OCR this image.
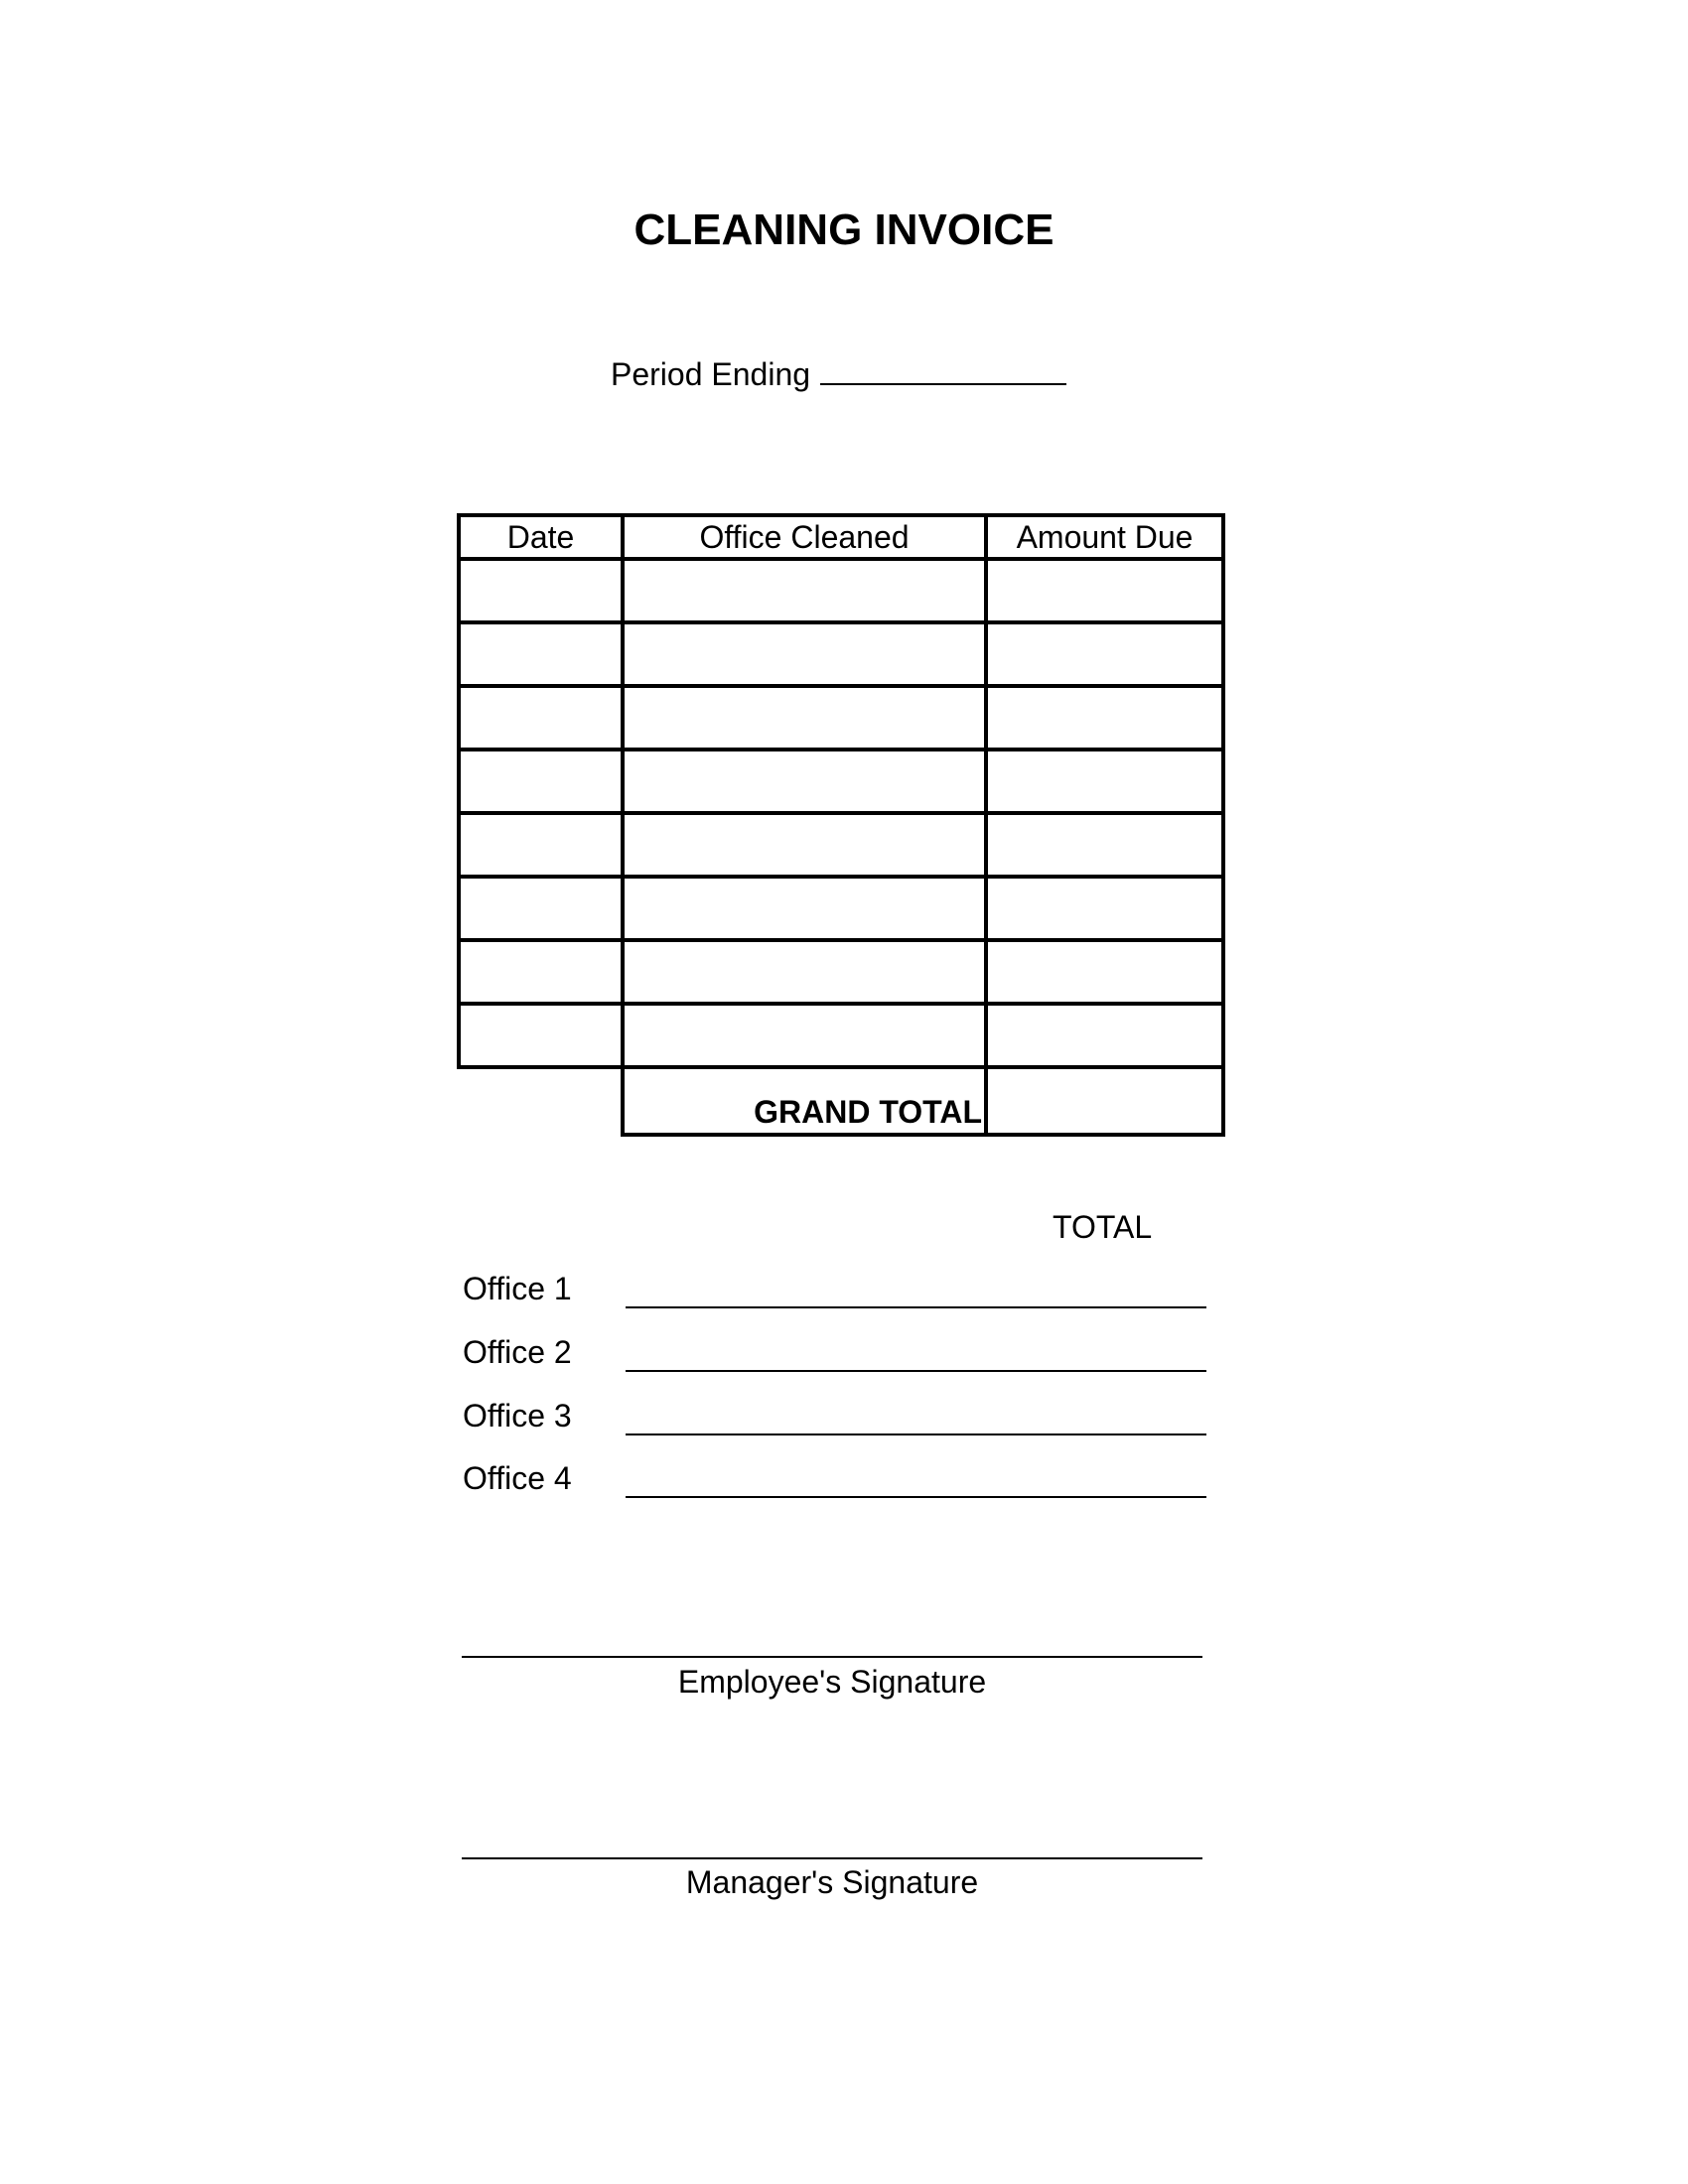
CLEANING INVOICE
Period Ending
Date	Office Cleaned	Amount Due

	GRAND TOTAL	
TOTAL
Office 1
Office 2
Office 3
Office 4
Employee's Signature
Manager's Signature
